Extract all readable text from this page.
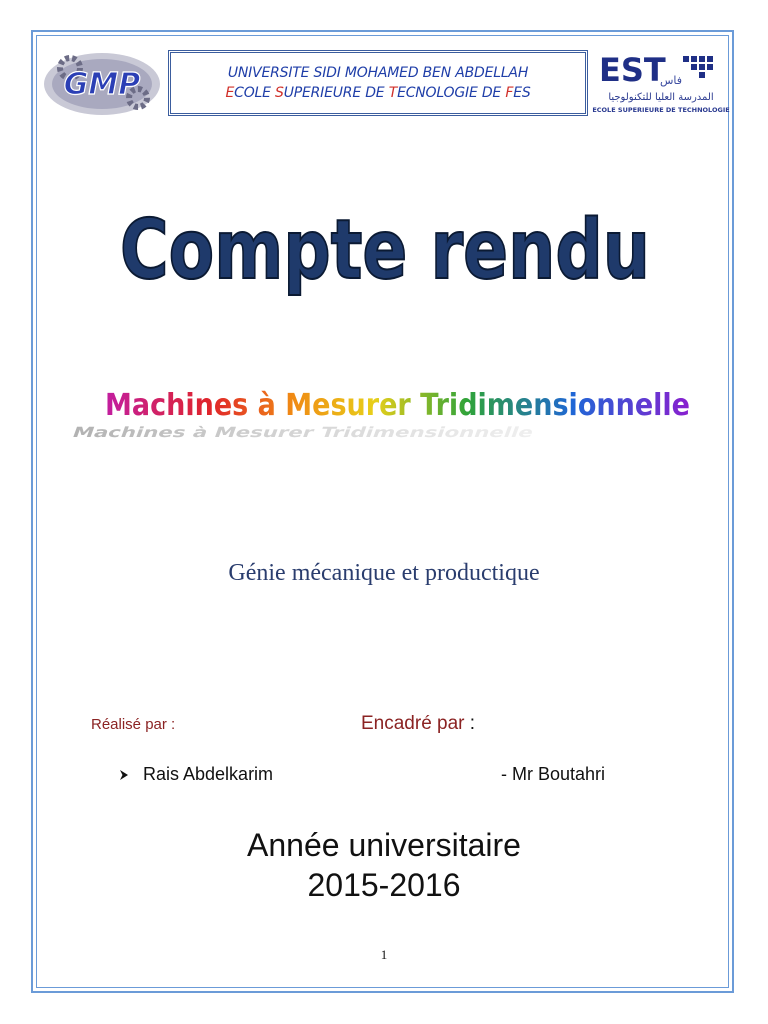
GMP	UNIVERSITE SIDI MOHAMED BEN ABDELLAH
ECOLE SUPERIEURE DE TECNOLOGIE DE FES
EST
فاس
المدرسة العليا للتكنولوجيا
ECOLE SUPERIEURE DE TECHNOLOGIE
Compte rendu
Machines à Mesurer Tridimensionnelle
Machines à Mesurer Tridimensionnelle
Génie mécanique et productique
Réalisé par :	Encadré par :
Rais Abdelkarim	- Mr Boutahri
Année universitaire
2015-2016
1
